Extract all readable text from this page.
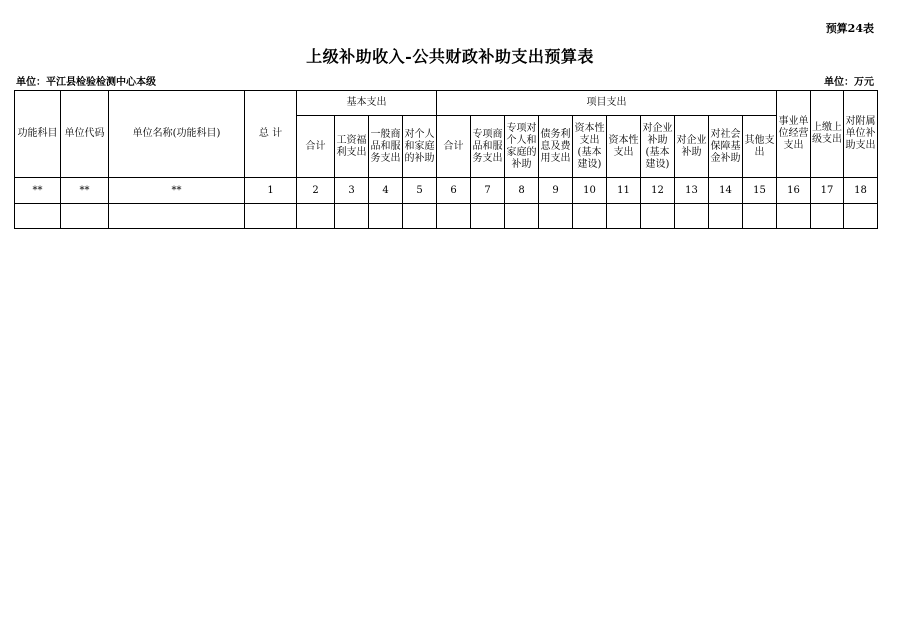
预算24表
上级补助收入-公共财政补助支出预算表
单位：平江县检验检测中心本级	单位：万元
功能科目	单位代码	单位名称(功能科目)	总 计	基本支出				项目支出										事业单位经营支出	上缴上级支出	对附属单位补助支出
				合计	工资福利支出	一般商品和服务支出	对个人和家庭的补助	合计	专项商品和服务支出	专项对个人和家庭的补助	债务利息及费用支出	资本性支出(基本建设)	资本性支出	对企业补助(基本建设)	对企业补助	对社会保障基金补助	其他支出			
**	**	**	1	2	3	4	5	6	7	8	9	10	11	12	13	14	15	16	17	18
